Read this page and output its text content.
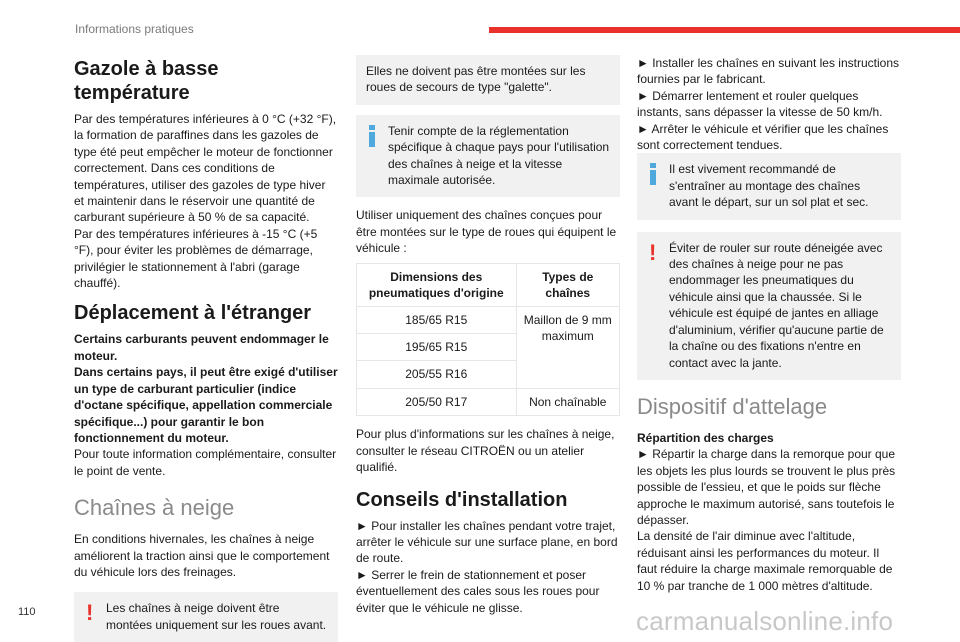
Informations pratiques
Gazole à basse température

Par des températures inférieures à 0 °C (+32 °F), la formation de paraffines dans les gazoles de type été peut empêcher le moteur de fonctionner correctement. Dans ces conditions de températures, utiliser des gazoles de type hiver et maintenir dans le réservoir une quantité de carburant supérieure à 50 % de sa capacité.

Par des températures inférieures à -15 °C (+5 °F), pour éviter les problèmes de démarrage, privilégier le stationnement à l'abri (garage chauffé).

Déplacement à l'étranger

Certains carburants peuvent endommager le moteur.

Dans certains pays, il peut être exigé d'utiliser un type de carburant particulier (indice d'octane spécifique, appellation commerciale spécifique...) pour garantir le bon fonctionnement du moteur.

Pour toute information complémentaire, consulter le point de vente.

Chaînes à neige

En conditions hivernales, les chaînes à neige améliorent la traction ainsi que le comportement du véhicule lors des freinages.

! Les chaînes à neige doivent être montées uniquement sur les roues avant.

Elles ne doivent pas être montées sur les roues de secours de type "galette".

Tenir compte de la réglementation spécifique à chaque pays pour l'utilisation des chaînes à neige et la vitesse maximale autorisée.

Utiliser uniquement des chaînes conçues pour être montées sur le type de roues qui équipent le véhicule :

Dimensions des pneumatiques d'origine	Types de chaînes
185/65 R15	Maillon de 9 mm maximum
195/65 R15	
205/55 R16	
205/50 R17	Non chaînable

Pour plus d'informations sur les chaînes à neige, consulter le réseau CITROËN ou un atelier qualifié.

Conseils d'installation

► Pour installer les chaînes pendant votre trajet, arrêter le véhicule sur une surface plane, en bord de route.

► Serrer le frein de stationnement et poser éventuellement des cales sous les roues pour éviter que le véhicule ne glisse.

► Installer les chaînes en suivant les instructions fournies par le fabricant.

► Démarrer lentement et rouler quelques instants, sans dépasser la vitesse de 50 km/h.

► Arrêter le véhicule et vérifier que les chaînes sont correctement tendues.

Il est vivement recommandé de s'entraîner au montage des chaînes avant le départ, sur un sol plat et sec.

! Éviter de rouler sur route déneigée avec des chaînes à neige pour ne pas endommager les pneumatiques du véhicule ainsi que la chaussée. Si le véhicule est équipé de jantes en alliage d'aluminium, vérifier qu'aucune partie de la chaîne ou des fixations n'entre en contact avec la jante.

Dispositif d'attelage

Répartition des charges

► Répartir la charge dans la remorque pour que les objets les plus lourds se trouvent le plus près possible de l'essieu, et que le poids sur flèche approche le maximum autorisé, sans toutefois le dépasser.

La densité de l'air diminue avec l'altitude, réduisant ainsi les performances du moteur. Il faut réduire la charge maximale remorquable de 10 % par tranche de 1 000 mètres d'altitude.

110	carmanualsonline.info
